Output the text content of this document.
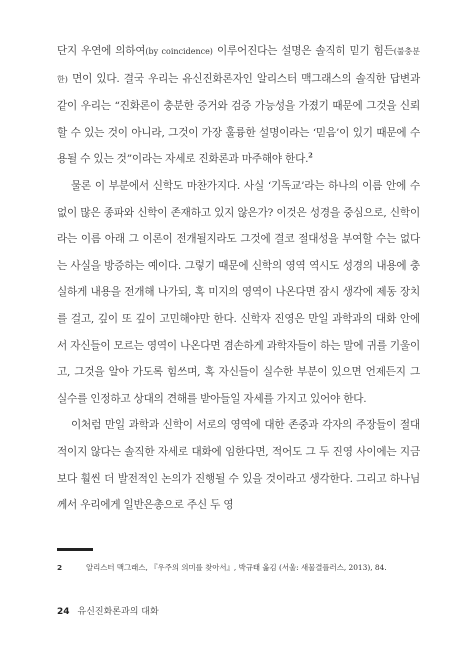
단지 우연에 의하여(by coincidence) 이루어진다는 설명은 솔직히 믿기 힘든(불충분한) 면이 있다. 결국 우리는 유신진화론자인 알리스터 맥그래스의 솔직한 답변과 같이 우리는 “진화론이 충분한 증거와 검증 가능성을 가졌기 때문에 그것을 신뢰할 수 있는 것이 아니라, 그것이 가장 훌륭한 설명이라는 ‘믿음’이 있기 때문에 수용될 수 있는 것”이라는 자세로 진화론과 마주해야 한다.$^2$

물론 이 부분에서 신학도 마찬가지다. 사실 ‘기독교’라는 하나의 이름 안에 수없이 많은 종파와 신학이 존재하고 있지 않은가? 이것은 성경을 중심으로, 신학이라는 이름 아래 그 이론이 전개될지라도 그것에 결코 절대성을 부여할 수는 없다는 사실을 방증하는 예이다. 그렇기 때문에 신학의 영역 역시도 성경의 내용에 충실하게 내용을 전개해 나가되, 혹 미지의 영역이 나온다면 잠시 생각에 제동 장치를 걸고, 깊이 또 깊이 고민해야만 한다. 신학자 진영은 만일 과학과의 대화 안에서 자신들이 모르는 영역이 나온다면 겸손하게 과학자들이 하는 말에 귀를 기울이고, 그것을 알아 가도록 힘쓰며, 혹 자신들이 실수한 부분이 있으면 언제든지 그 실수를 인정하고 상대의 견해를 받아들일 자세를 가지고 있어야 한다.

이처럼 만일 과학과 신학이 서로의 영역에 대한 존중과 각자의 주장들이 절대적이지 않다는 솔직한 자세로 대화에 임한다면, 적어도 그 두 진영 사이에는 지금보다 훨씬 더 발전적인 논의가 진행될 수 있을 것이라고 생각한다. 그리고 하나님께서 우리에게 일반은총으로 주신 두 영

2	알리스터 맥그래스, 『우주의 의미를 찾아서』, 박규태 옮김 (서울: 새물결플러스, 2013), 84.
24 유신진화론과의 대화
